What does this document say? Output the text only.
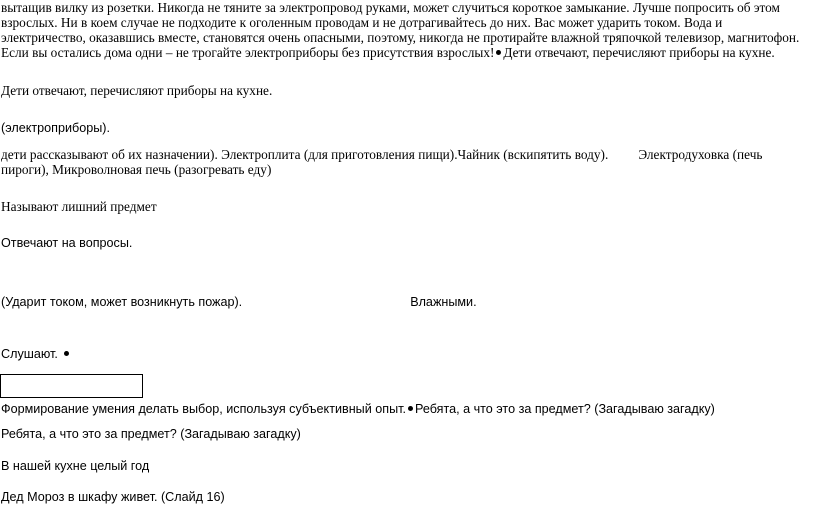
вытащив вилку из розетки. Никогда не тяните за электропровод руками, может случиться короткое замыкание. Лучше попросить об этом
взрослых. Ни в коем случае не подходите к оголенным проводам и не дотрагивайтесь до них. Вас может ударить током. Вода и
электричество, оказавшись вместе, становятся очень опасными, поэтому, никогда не протирайте влажной тряпочкой телевизор, магнитофон.
Если вы остались дома одни – не трогайте электроприборы без присутствия взрослых! Дети отвечают, перечисляют приборы на кухне.
Дети отвечают, перечисляют приборы на кухне.
(электроприборы).
дети рассказывают об их назначении). Электроплита (для приготовления пищи).Чайник (вскипятить воду). Электродуховка (печь
пироги), Микроволновая печь (разогревать еду)
Называют лишний предмет
Отвечают на вопросы.
(Ударит током, может возникнуть пожар).	Влажными.
Слушают.
Формирование умения делать выбор, используя субъективный опыт. Ребята, а что это за предмет? (Загадываю загадку)
Ребята, а что это за предмет? (Загадываю загадку)
В нашей кухне целый год
Дед Мороз в шкафу живет. (Слайд 16)
